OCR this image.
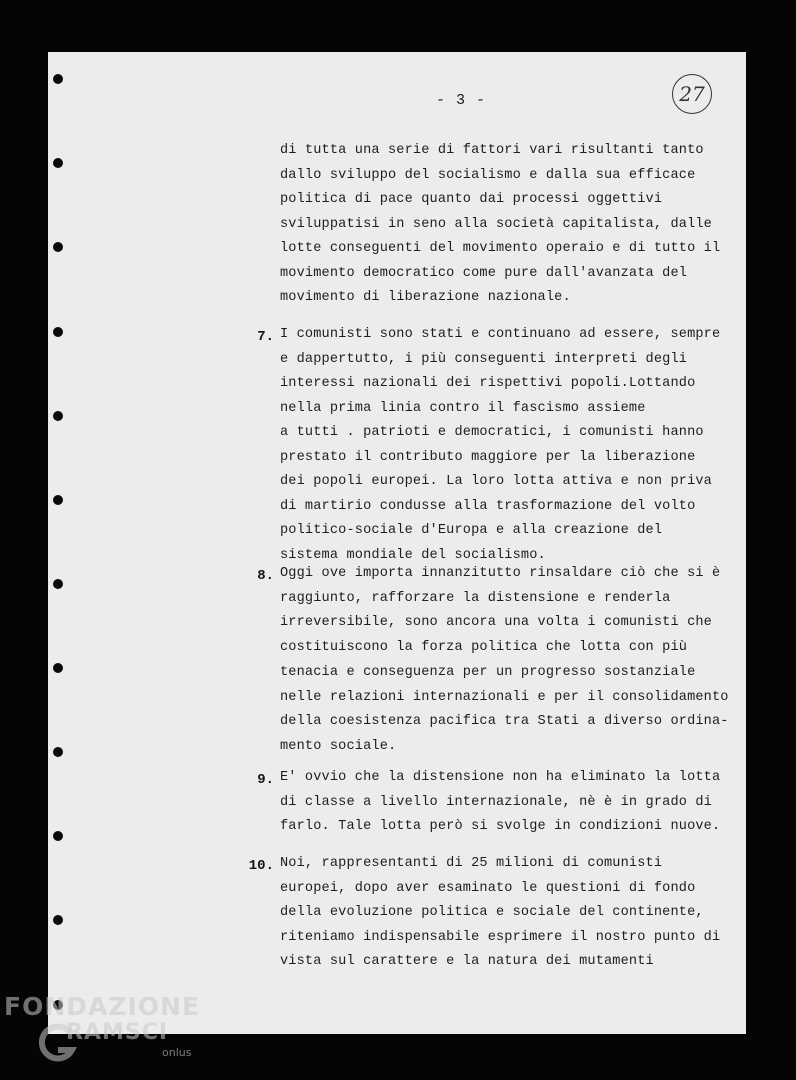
- 3 -	27
di tutta una serie di fattori vari risultanti tanto
dallo sviluppo del socialismo e dalla sua efficace
politica di pace quanto dai processi oggettivi
sviluppatisi in seno alla società capitalista, dalle
lotte conseguenti del movimento operaio e di tutto il
movimento democratico come pure dall'avanzata del
movimento di liberazione nazionale.
7. I comunisti sono stati e continuano ad essere, sempre
e dappertutto, i più conseguenti interpreti degli
interessi nazionali dei rispettivi popoli.Lottando
nella prima linia contro il fascismo assieme
a tutti . patrioti e democratici, i comunisti hanno
prestato il contributo maggiore per la liberazione
dei popoli europei. La loro lotta attiva e non priva
di martirio condusse alla trasformazione del volto
politico-sociale d'Europa e alla creazione del
sistema mondiale del socialismo.
8. Oggi ove importa innanzitutto rinsaldare ciò che si è
raggiunto, rafforzare la distensione e renderla
irreversibile, sono ancora una volta i comunisti che
costituiscono la forza politica che lotta con più
tenacia e conseguenza per un progresso sostanziale
nelle relazioni internazionali e per il consolidamento
della coesistenza pacifica tra Stati a diverso ordina-
mento sociale.
9. E' ovvio che la distensione non ha eliminato la lotta
di classe a livello internazionale, nè è in grado di
farlo. Tale lotta però si svolge in condizioni nuove.
10. Noi, rappresentanti di 25 milioni di comunisti
europei, dopo aver esaminato le questioni di fondo
della evoluzione politica e sociale del continente,
riteniamo indispensabile esprimere il nostro punto di
vista sul carattere e la natura dei mutamenti
FONDAZIONE
RAMSCI
onlus
